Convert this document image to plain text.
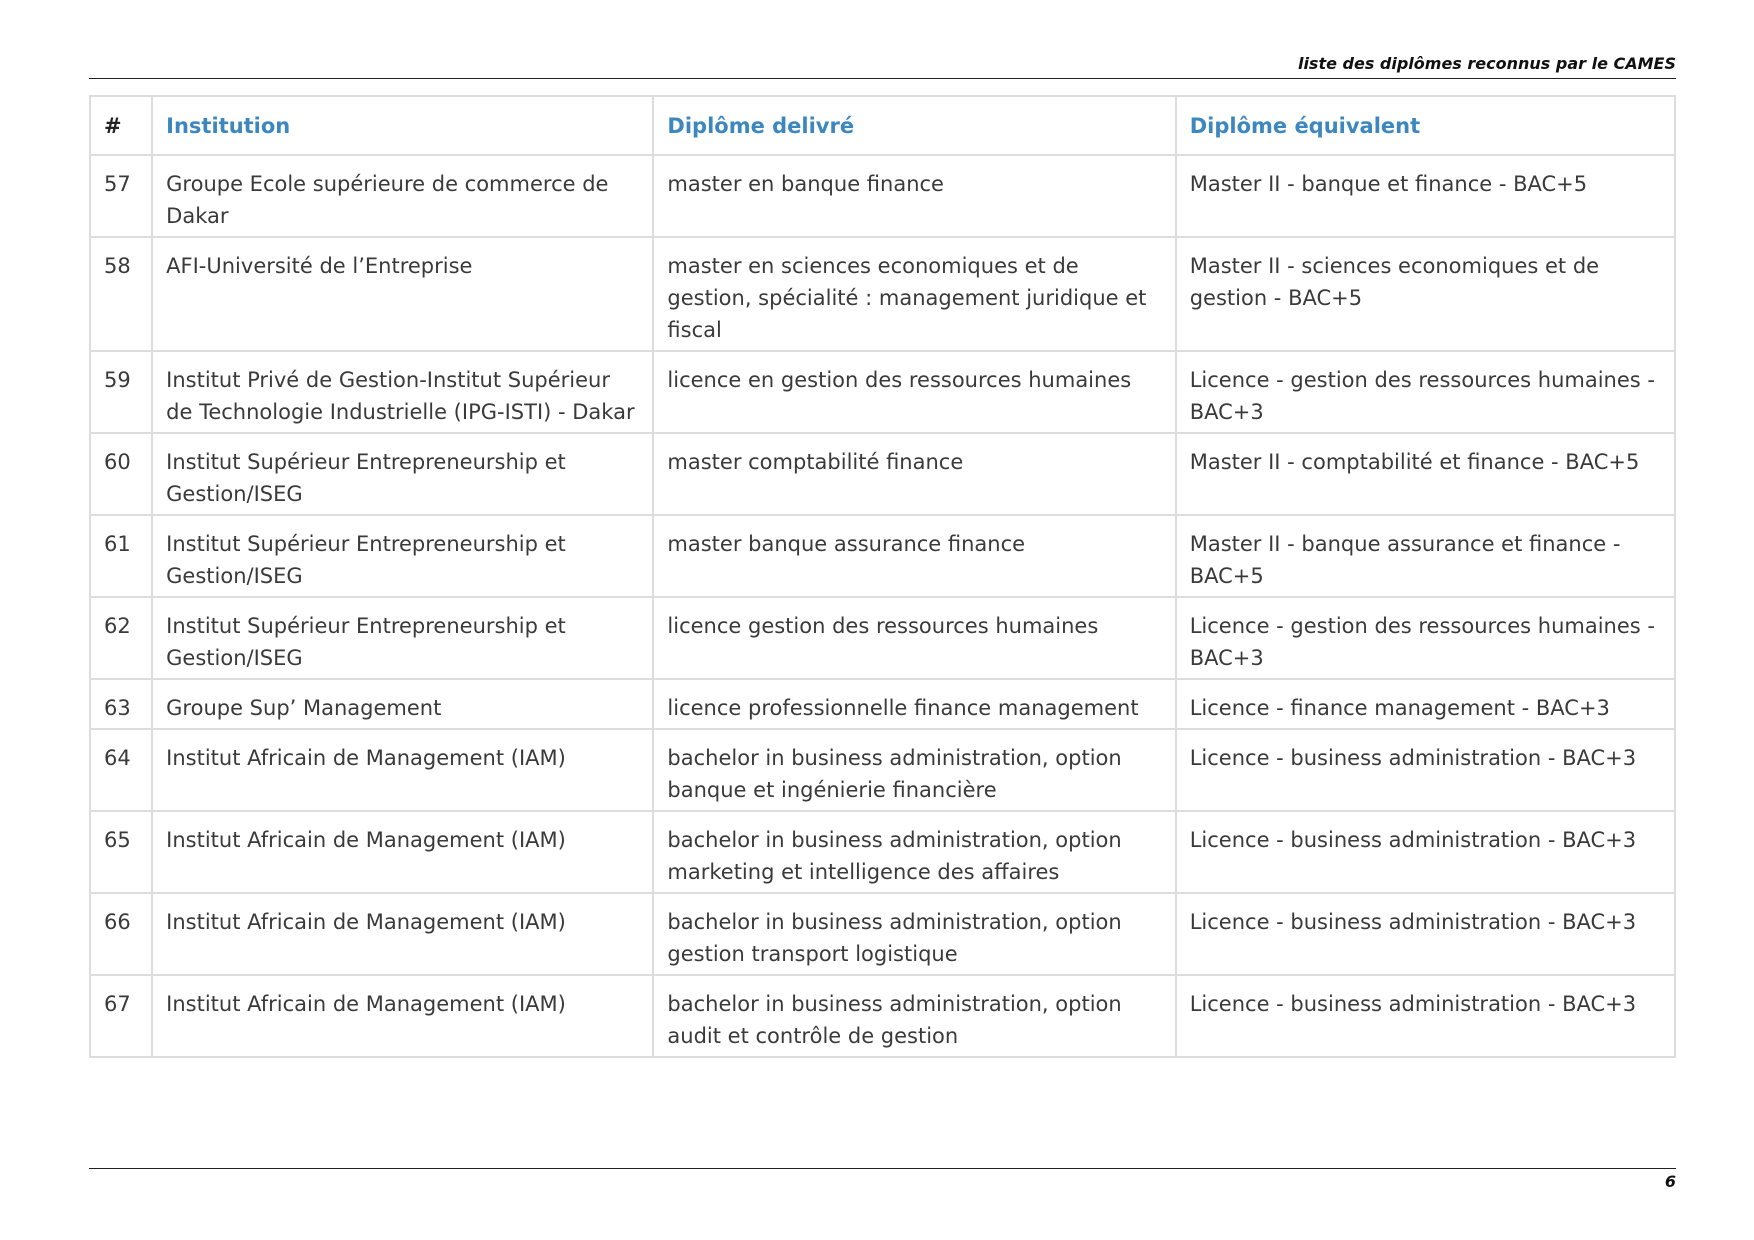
liste des diplômes reconnus par le CAMES
#	Institution	Diplôme delivré	Diplôme équivalent
57	Groupe Ecole supérieure de commerce de Dakar	master en banque finance	Master II - banque et finance - BAC+5
58	AFI-Université de l’Entreprise	master en sciences economiques et de gestion, spécialité : management juridique et fiscal	Master II - sciences economiques et de gestion - BAC+5
59	Institut Privé de Gestion-Institut Supérieur de Technologie Industrielle (IPG-ISTI) - Dakar	licence en gestion des ressources humaines	Licence - gestion des ressources humaines - BAC+3
60	Institut Supérieur Entrepreneurship et Gestion/ISEG	master comptabilité finance	Master II - comptabilité et finance - BAC+5
61	Institut Supérieur Entrepreneurship et Gestion/ISEG	master banque assurance finance	Master II - banque assurance et finance - BAC+5
62	Institut Supérieur Entrepreneurship et Gestion/ISEG	licence gestion des ressources humaines	Licence - gestion des ressources humaines - BAC+3
63	Groupe Sup’ Management	licence professionnelle finance management	Licence - finance management - BAC+3
64	Institut Africain de Management (IAM)	bachelor in business administration, option banque et ingénierie financière	Licence - business administration - BAC+3
65	Institut Africain de Management (IAM)	bachelor in business administration, option marketing et intelligence des affaires	Licence - business administration - BAC+3
66	Institut Africain de Management (IAM)	bachelor in business administration, option gestion transport logistique	Licence - business administration - BAC+3
67	Institut Africain de Management (IAM)	bachelor in business administration, option audit et contrôle de gestion	Licence - business administration - BAC+3
6
